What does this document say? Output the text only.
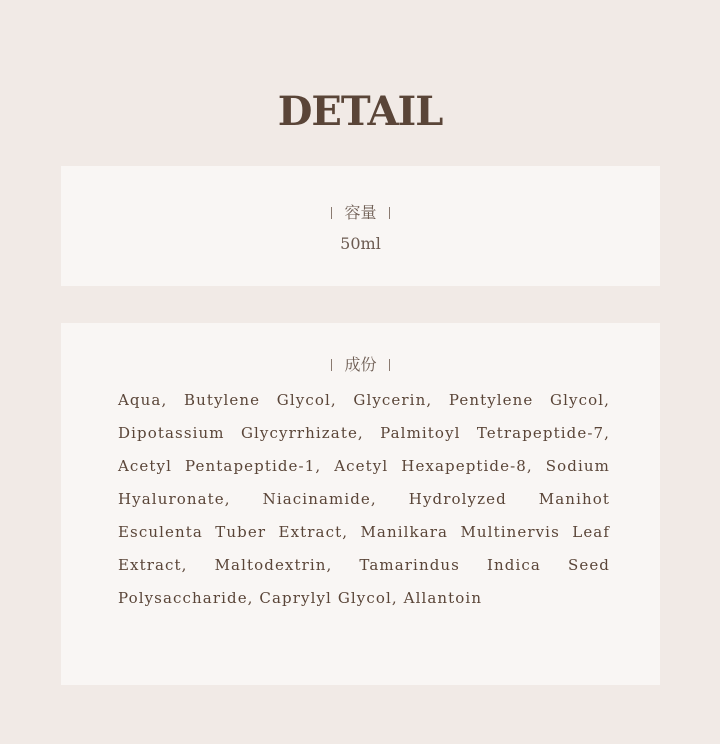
DETAIL
容量
50ml
成份

Aqua, Butylene Glycol, Glycerin, Pentylene Glycol, Dipotassium Glycyrrhizate, Palmitoyl Tetrapeptide-7, Acetyl Pentapeptide-1, Acetyl Hexapeptide-8, Sodium Hyaluronate, Niacinamide, Hydrolyzed Manihot Esculenta Tuber Extract, Manilkara Multinervis Leaf Extract, Maltodextrin, Tamarindus Indica Seed Polysaccharide, Caprylyl Glycol, Allantoin
